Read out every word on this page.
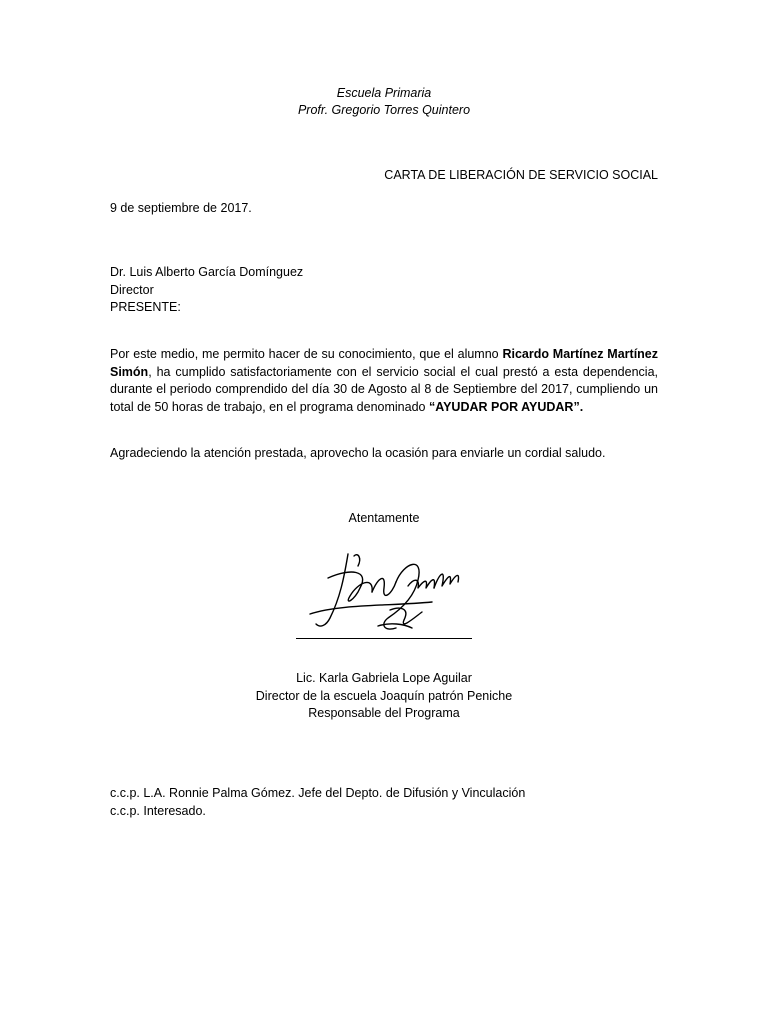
Escuela Primaria
Profr. Gregorio Torres Quintero
CARTA DE LIBERACIÓN DE SERVICIO SOCIAL
9 de septiembre de 2017.
Dr. Luis Alberto García Domínguez
Director
PRESENTE:
Por este medio, me permito hacer de su conocimiento, que el alumno Ricardo Martínez Martínez Simón, ha cumplido satisfactoriamente con el servicio social el cual prestó a esta dependencia, durante el periodo comprendido del día 30 de Agosto al 8 de Septiembre del 2017, cumpliendo un total de 50 horas de trabajo, en el programa denominado “AYUDAR POR AYUDAR”.
Agradeciendo la atención prestada, aprovecho la ocasión para enviarle un cordial saludo.
Atentamente
Lic. Karla Gabriela Lope Aguilar
Director de la escuela Joaquín patrón Peniche
Responsable del Programa
c.c.p. L.A. Ronnie Palma Gómez. Jefe del Depto. de Difusión y Vinculación
c.c.p. Interesado.
